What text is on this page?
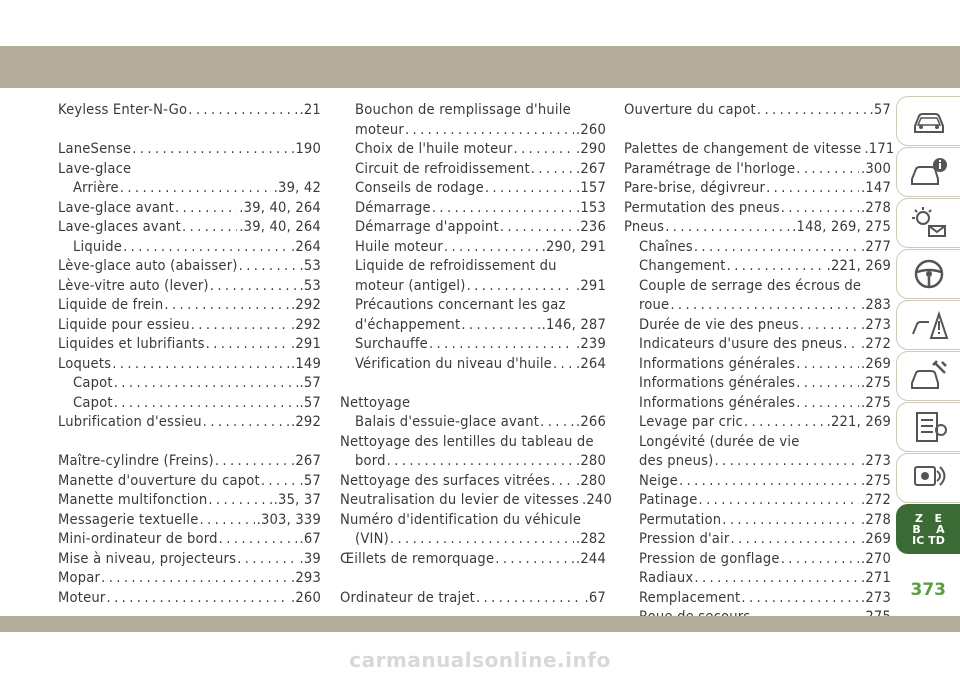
Keyless Enter-N-Go .....	.21
LaneSense .....	.190
Lave-glace
Arrière .....	.39, 42
Lave-glace avant .....	.39, 40, 264
Lave-glaces avant .....	.39, 40, 264
Liquide .....	.264
Lève-glace auto (abaisser) .....	.53
Lève-vitre auto (lever) .....	.53
Liquide de frein .....	.292
Liquide pour essieu .....	.292
Liquides et lubrifiants .....	.291
Loquets .....	.149
Capot .....	.57
Capot .....	.57
Lubrification d'essieu .....	.292
Maître-cylindre (Freins) .....	.267
Manette d'ouverture du capot .....	.57
Manette multifonction .....	.35, 37
Messagerie textuelle .....	.303, 339
Mini-ordinateur de bord .....	.67
Mise à niveau, projecteurs .....	.39
Mopar .....	.293
Moteur .....	.260
Bouchon de remplissage d'huile
moteur .....	.260
Choix de l'huile moteur .....	.290
Circuit de refroidissement .....	.267
Conseils de rodage .....	.157
Démarrage .....	.153
Démarrage d'appoint .....	.236
Huile moteur .....	.290, 291
Liquide de refroidissement du
moteur (antigel) .....	.291
Précautions concernant les gaz
d'échappement .....	.146, 287
Surchauffe .....	.239
Vérification du niveau d'huile ..... .264
Nettoyage
Balais d'essuie-glace avant .....	.266
Nettoyage des lentilles du tableau de
bord .....	.280
Nettoyage des surfaces vitrées ..... .280
Neutralisation du levier de vitesses .240
Numéro d'identification du véhicule
(VIN) .....	.282
Œillets de remorquage .....	.244
Ordinateur de trajet .....	.67
Ouverture du capot .....	.57
Palettes de changement de vitesse .171
Paramétrage de l'horloge .....	.300
Pare-brise, dégivreur .....	.147
Permutation des pneus .....	.278
Pneus .....	.148, 269, 275
Chaînes .....	.277
Changement .....	.221, 269
Couple de serrage des écrous de
roue .....	.283
Durée de vie des pneus .....	.273
Indicateurs d'usure des pneus ..... .272
Informations générales .....	.269
Informations générales .....	.275
Informations générales .....	.275
Levage par cric .....	.221, 269
Longévité (durée de vie
des pneus) .....	.273
Neige .....	.275
Patinage .....	.272
Permutation .....	.278
Pression d'air .....	.269
Pression de gonflage .....	.270
Radiaux .....	.271
Remplacement .....	.273
.....
Z E
B A
IC TD
373
carmanualsonline.info
